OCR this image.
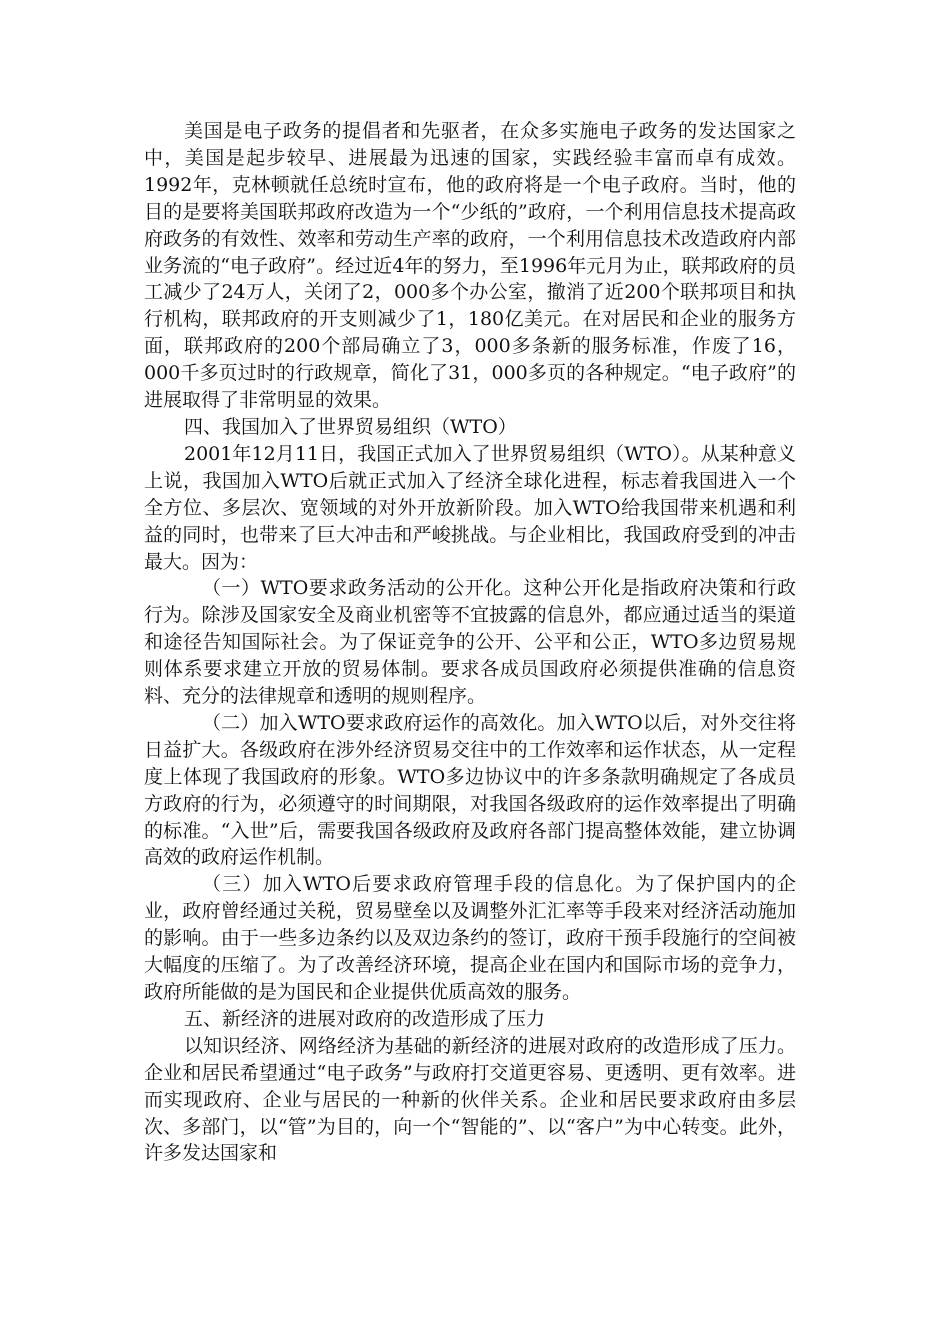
美国是电子政务的提倡者和先驱者，在众多实施电子政务的发达国家之中，美国是起步较早、进展最为迅速的国家，实践经验丰富而卓有成效。1992年，克林顿就任总统时宣布，他的政府将是一个电子政府。当时，他的目的是要将美国联邦政府改造为一个“少纸的”政府，一个利用信息技术提高政府政务的有效性、效率和劳动生产率的政府，一个利用信息技术改造政府内部业务流的“电子政府”。经过近4年的努力，至1996年元月为止，联邦政府的员工减少了24万人，关闭了2，000多个办公室，撤消了近200个联邦项目和执行机构，联邦政府的开支则减少了1，180亿美元。在对居民和企业的服务方面，联邦政府的200个部局确立了3，000多条新的服务标准，作废了16，000千多页过时的行政规章，简化了31，000多页的各种规定。“电子政府”的进展取得了非常明显的效果。

四、我国加入了世界贸易组织（WTO）

2001年12月11日，我国正式加入了世界贸易组织（WTO）。从某种意义上说，我国加入WTO后就正式加入了经济全球化进程，标志着我国进入一个全方位、多层次、宽领域的对外开放新阶段。加入WTO给我国带来机遇和利益的同时，也带来了巨大冲击和严峻挑战。与企业相比，我国政府受到的冲击最大。因为：

（一）WTO要求政务活动的公开化。这种公开化是指政府决策和行政行为。除涉及国家安全及商业机密等不宜披露的信息外，都应通过适当的渠道和途径告知国际社会。为了保证竞争的公开、公平和公正，WTO多边贸易规则体系要求建立开放的贸易体制。要求各成员国政府必须提供准确的信息资料、充分的法律规章和透明的规则程序。

（二）加入WTO要求政府运作的高效化。加入WTO以后，对外交往将日益扩大。各级政府在涉外经济贸易交往中的工作效率和运作状态，从一定程度上体现了我国政府的形象。WTO多边协议中的许多条款明确规定了各成员方政府的行为，必须遵守的时间期限，对我国各级政府的运作效率提出了明确的标准。“入世”后，需要我国各级政府及政府各部门提高整体效能，建立协调高效的政府运作机制。

（三）加入WTO后要求政府管理手段的信息化。为了保护国内的企业，政府曾经通过关税，贸易壁垒以及调整外汇汇率等手段来对经济活动施加的影响。由于一些多边条约以及双边条约的签订，政府干预手段施行的空间被大幅度的压缩了。为了改善经济环境，提高企业在国内和国际市场的竞争力，政府所能做的是为国民和企业提供优质高效的服务。

五、新经济的进展对政府的改造形成了压力

以知识经济、网络经济为基础的新经济的进展对政府的改造形成了压力。企业和居民希望通过“电子政务”与政府打交道更容易、更透明、更有效率。进而实现政府、企业与居民的一种新的伙伴关系。企业和居民要求政府由多层次、多部门，以“管”为目的，向一个“智能的”、以“客户”为中心转变。此外，许多发达国家和
